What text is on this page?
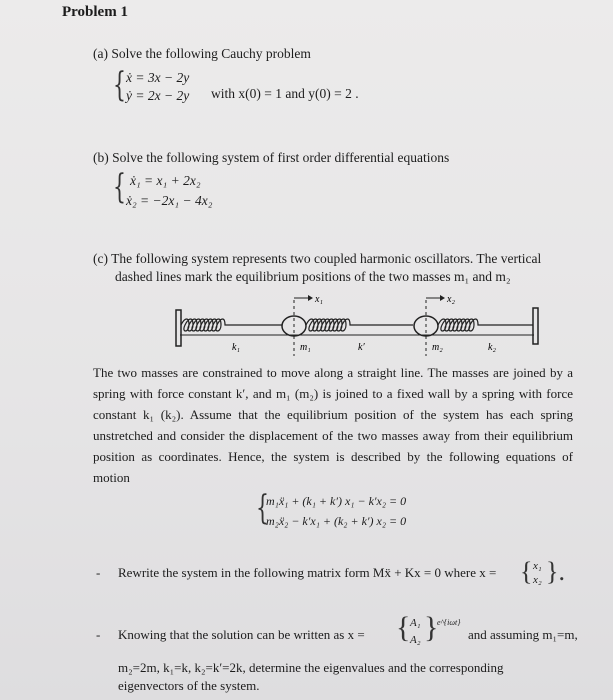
Problem 1
(a) Solve the following Cauchy problem
{ ẋ = 3x − 2y
ẏ = 2x − 2y with x(0) = 1 and y(0) = 2 .
(b) Solve the following system of first order differential equations
{ ẋ₁ = x₁ + 2x₂
ẋ₂ = −2x₁ − 4x₂
(c) The following system represents two coupled harmonic oscillators. The vertical
dashed lines mark the equilibrium positions of the two masses m₁ and m₂
x₁	x₂
k₁	m₁	k′	m₂	k₂
The two masses are constrained to move along a straight line. The masses are joined by a spring with force constant k′, and m₁ (m₂) is joined to a fixed wall by a spring with force constant k₁ (k₂). Assume that the equilibrium position of the system has each spring unstretched and consider the displacement of the two masses away from their equilibrium position as coordinates. Hence, the system is described by the following equations of motion
{
m₁ẍ₁ + (k₁ + k′) x₁ − k′x₂ = 0
m₂ẍ₂ − k′x₁ + (k₂ + k′) x₂ = 0
- Rewrite the system in the following matrix form Mẍ + Kx = 0 where x = { x₁
x₂ }.
- Knowing that the solution can be written as x = { A₁
A₂ }
e^{iωt}
and assuming m₁=m,
m₂=2m, k₁=k, k₂=k′=2k, determine the eigenvalues and the corresponding
eigenvectors of the system.
